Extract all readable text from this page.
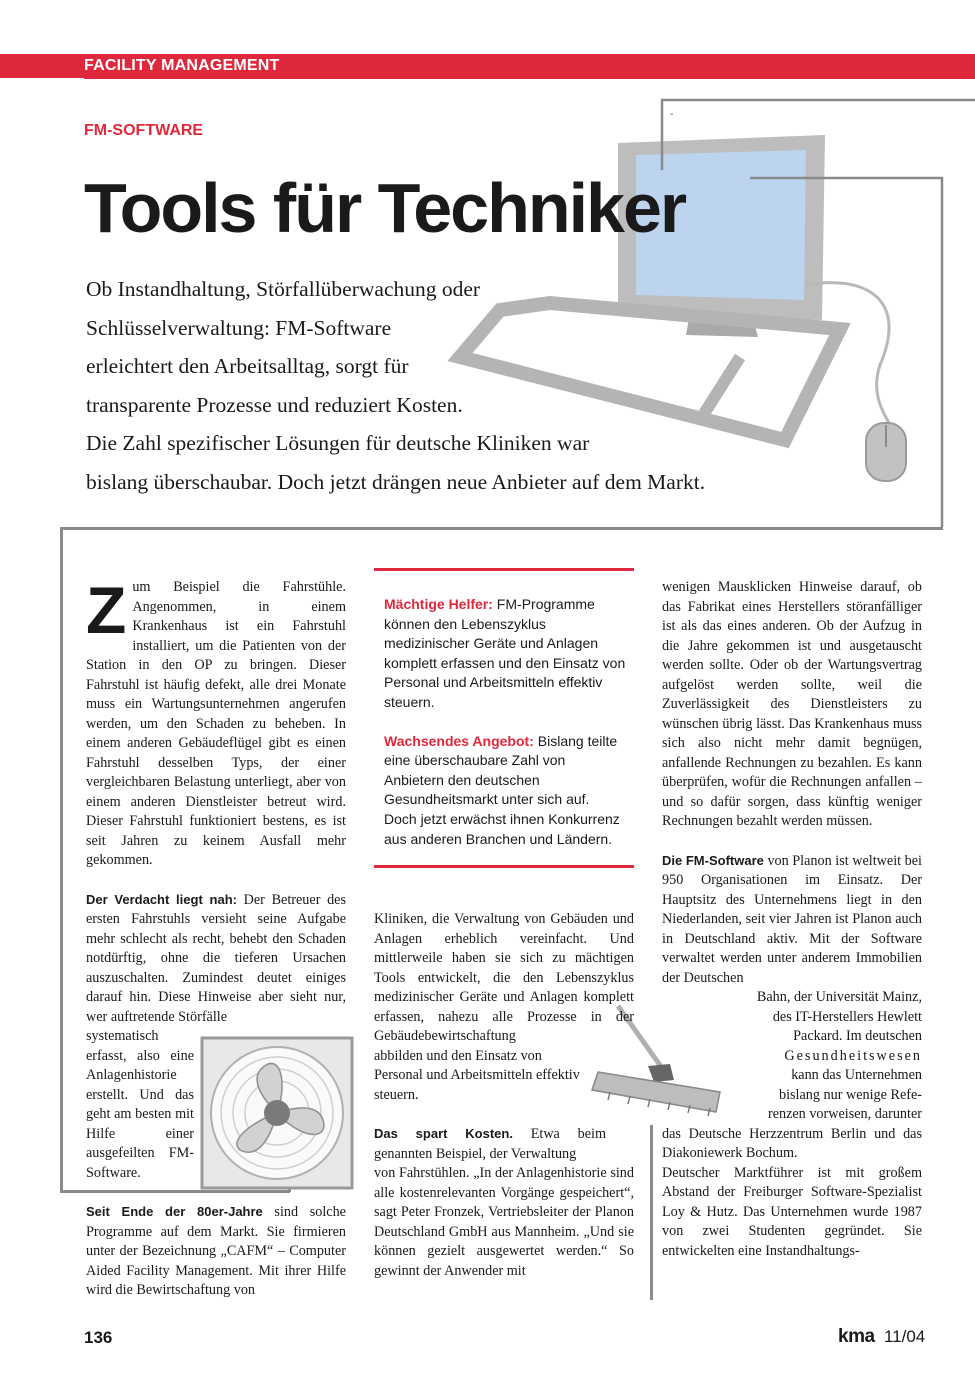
FACILITY MANAGEMENT
-
FM-SOFTWARE
Tools für Techniker

Ob Instandhaltung, Störfallüberwachung oder

Schlüsselverwaltung: FM-Software

erleichtert den Arbeitsalltag, sorgt für

transparente Prozesse und reduziert Kosten.

Die Zahl spezifischer Lösungen für deutsche Kliniken war

bislang überschaubar. Doch jetzt drängen neue Anbieter auf dem Markt.

Zum Beispiel die Fahrstühle. Angenommen, in einem Krankenhaus ist ein Fahrstuhl installiert, um die Patienten von der Station in den OP zu bringen. Dieser Fahrstuhl ist häufig defekt, alle drei Monate muss ein Wartungsunternehmen angerufen werden, um den Schaden zu beheben. In einem anderen Gebäudeflügel gibt es einen Fahrstuhl desselben Typs, der einer vergleichbaren Belastung unterliegt, aber von einem anderen Dienstleister betreut wird. Dieser Fahrstuhl funktioniert bestens, es ist seit Jahren zu keinem Ausfall mehr gekommen.

Der Verdacht liegt nah: Der Betreuer des ersten Fahrstuhls versieht seine Aufgabe mehr schlecht als recht, behebt den Schaden notdürftig, ohne die tieferen Ursachen auszuschalten. Zumindest deutet einiges darauf hin. Diese Hinweise aber sieht nur, wer auftretende Störfälle

systematisch erfasst, also eine Anlagenhistorie erstellt. Und das geht am besten mit Hilfe einer ausgefeilten FM-Software.

Seit Ende der 80er-Jahre sind solche Programme auf dem Markt. Sie firmieren unter der Bezeichnung „CAFM“ – Computer Aided Facility Management. Mit ihrer Hilfe wird die Bewirtschaftung von

Mächtige Helfer: FM-Programme können den Lebenszyklus medizinischer Geräte und Anlagen komplett erfassen und den Einsatz von Personal und Arbeitsmitteln effektiv steuern.

Wachsendes Angebot: Bislang teilte eine überschaubare Zahl von Anbietern den deutschen Gesundheitsmarkt unter sich auf.

Doch jetzt erwächst ihnen Konkurrenz aus anderen Branchen und Ländern.

Kliniken, die Verwaltung von Gebäuden und Anlagen erheblich vereinfacht. Und mittlerweile haben sie sich zu mächtigen Tools entwickelt, die den Lebenszyklus medizinischer Geräte und Anlagen komplett erfassen, nahezu alle Prozesse in der Gebäudebewirtschaftung

abbilden und den Einsatz von Personal und Arbeitsmitteln effektiv steuern.

Das spart Kosten. Etwa beim genannten Beispiel, der Verwaltung

von Fahrstühlen. „In der Anlagenhistorie sind alle kostenrelevanten Vorgänge gespeichert“, sagt Peter Fronzek, Vertriebsleiter der Planon Deutschland GmbH aus Mannheim. „Und sie können gezielt ausgewertet werden.“ So gewinnt der Anwender mit

wenigen Mausklicken Hinweise darauf, ob das Fabrikat eines Herstellers störanfälliger ist als das eines anderen. Ob der Aufzug in die Jahre gekommen ist und ausgetauscht werden sollte. Oder ob der Wartungsvertrag aufgelöst werden sollte, weil die Zuverlässigkeit des Dienstleisters zu wünschen übrig lässt. Das Krankenhaus muss sich also nicht mehr damit begnügen, anfallende Rechnungen zu bezahlen. Es kann überprüfen, wofür die Rechnungen anfallen – und so dafür sorgen, dass künftig weniger Rechnungen bezahlt werden müssen.

Die FM-Software von Planon ist weltweit bei 950 Organisationen im Einsatz. Der Hauptsitz des Unternehmens liegt in den Niederlanden, seit vier Jahren ist Planon auch in Deutschland aktiv. Mit der Software verwaltet werden unter anderem Immobilien der Deutschen

Bahn, der Universität Mainz,

des IT-Herstellers Hewlett

Packard. Im deutschen

Gesundheitswesen

kann das Unternehmen

bislang nur wenige Refe-

renzen vorweisen, darunter

das Deutsche Herzzentrum Berlin und das Diakoniewerk Bochum.

Deutscher Marktführer ist mit großem Abstand der Freiburger Software-Spezialist Loy & Hutz. Das Unternehmen wurde 1987 von zwei Studenten gegründet. Sie entwickelten eine Instandhaltungs-

136	kma 11/04
